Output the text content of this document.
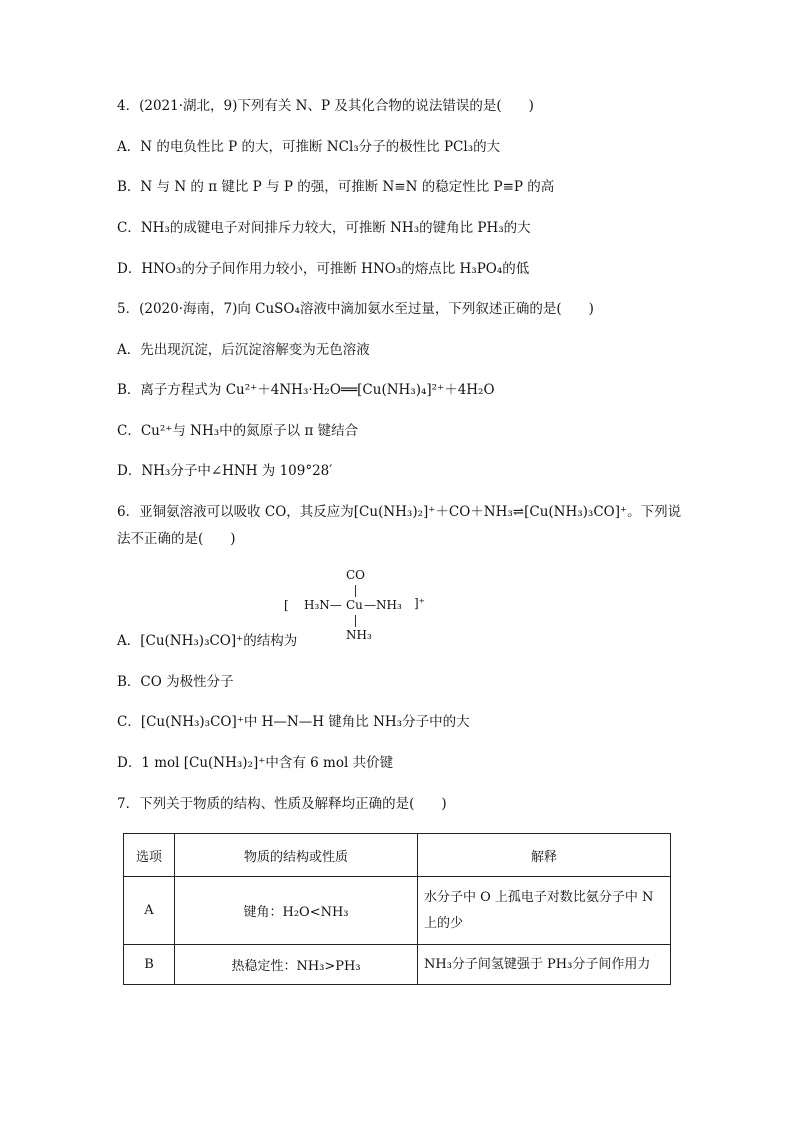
4．(2021·湖北，9)下列有关 N、P 及其化合物的说法错误的是(　　)
A．N 的电负性比 P 的大，可推断 NCl₃分子的极性比 PCl₃的大
B．N 与 N 的 π 键比 P 与 P 的强，可推断 N≡N 的稳定性比 P≡P 的高
C．NH₃的成键电子对间排斥力较大，可推断 NH₃的键角比 PH₃的大
D．HNO₃的分子间作用力较小，可推断 HNO₃的熔点比 H₃PO₄的低
5．(2020·海南，7)向 CuSO₄溶液中滴加氨水至过量，下列叙述正确的是(　　)
A．先出现沉淀，后沉淀溶解变为无色溶液
B．离子方程式为 Cu²⁺＋4NH₃·H₂O══[Cu(NH₃)₄]²⁺＋4H₂O
C．Cu²⁺与 NH₃中的氮原子以 π 键结合
D．NH₃分子中∠HNH 为 109°28′
6．亚铜氨溶液可以吸收 CO，其反应为[Cu(NH₃)₂]⁺＋CO＋NH₃⇌[Cu(NH₃)₃CO]⁺。下列说
法不正确的是(　　)
CO
[ H₃N— Cu —NH₃ ]⁺
NH₃
A．[Cu(NH₃)₃CO]⁺的结构为
B．CO 为极性分子
C．[Cu(NH₃)₃CO]⁺中 H—N—H 键角比 NH₃分子中的大
D．1 mol [Cu(NH₃)₂]⁺中含有 6 mol 共价键
7．下列关于物质的结构、性质及解释均正确的是(　　)
选项	物质的结构或性质	解释
A	键角：H₂O<NH₃	水分子中 O 上孤电子对数比氨分子中 N 上的少
B	热稳定性：NH₃>PH₃	NH₃分子间氢键强于 PH₃分子间作用力
